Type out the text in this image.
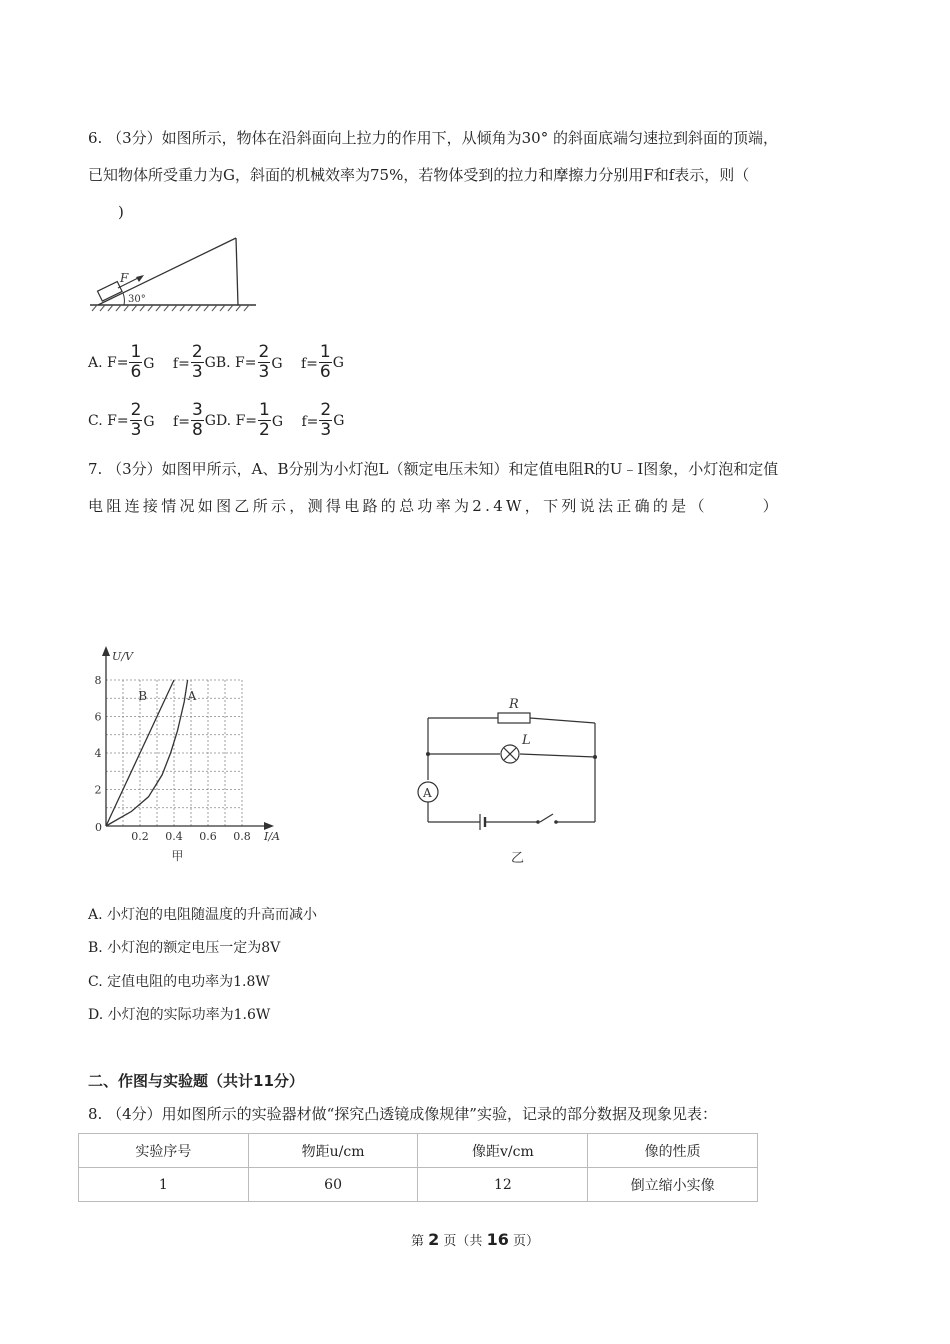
6. （3分）如图所示，物体在沿斜面向上拉力的作用下，从倾角为30° 的斜面底端匀速拉到斜面的顶端，
已知物体所受重力为G，斜面的机械效率为75%，若物体受到的拉力和摩擦力分别用F和f表示，则（
)
F
30°
A. $F= \frac{1}{6}$ G　 $f= \frac{2}{3}$ G B. $F= \frac{2}{3}$ G　 $f= \frac{1}{6}$ G
C. $F= \frac{2}{3}$ G　 $f= \frac{3}{8}$ G D. $F= \frac{1}{2}$ G　 $f= \frac{2}{3}$ G
7. （3分）如图甲所示，A、B分别为小灯泡L（额定电压未知）和定值电阻R的U﹣I图象，小灯泡和定值
电阻连接情况如图乙所示，测得电路的总功率为2.4W，下列说法正确的是（　　　）
U/V
I/A
0
0.2 0.4 0.6 0.8
2
4
6
8
B	A
甲
R
L
A
乙
A. 小灯泡的电阻随温度的升高而减小
B. 小灯泡的额定电压一定为8V
C. 定值电阻的电功率为1.8W
D. 小灯泡的实际功率为1.6W
二、作图与实验题（共计11分）
8. （4分）用如图所示的实验器材做“探究凸透镜成像规律”实验，记录的部分数据及现象见表：
实验序号	物距u/cm	像距v/cm	像的性质
1	60	12	倒立缩小实像
第 2 页（共 16 页）
